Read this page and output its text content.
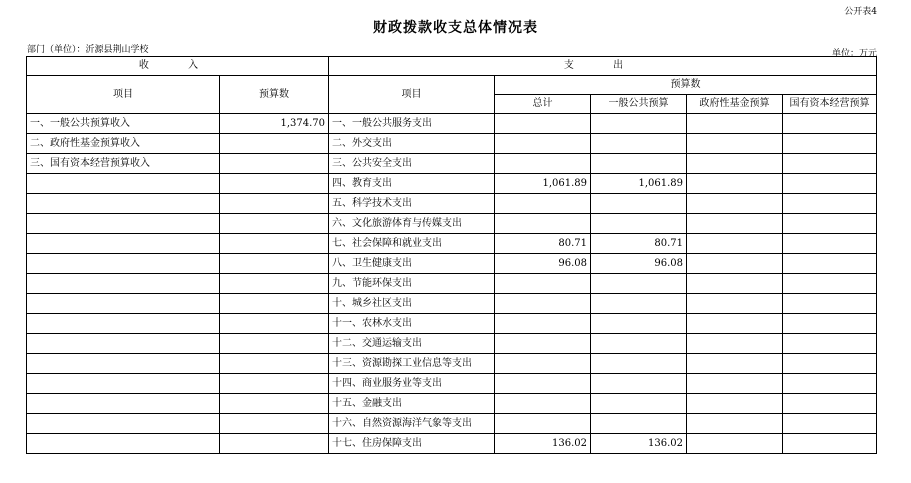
公开表4
财政拨款收支总体情况表
部门（单位）：沂源县荆山学校	单位：万元
收 入		支 出				
项目	预算数	项目	预算数			
			总计	一般公共预算	政府性基金预算	国有资本经营预算
一、一般公共预算收入	1,374.70	一、一般公共服务支出				
二、政府性基金预算收入		二、外交支出				
三、国有资本经营预算收入		三、公共安全支出				
		四、教育支出	1,061.89	1,061.89		
		五、科学技术支出				
		六、文化旅游体育与传媒支出				
		七、社会保障和就业支出	80.71	80.71		
		八、卫生健康支出	96.08	96.08		
		九、节能环保支出				
		十、城乡社区支出				
		十一、农林水支出				
		十二、交通运输支出				
		十三、资源勘探工业信息等支出				
		十四、商业服务业等支出				
		十五、金融支出				
		十六、自然资源海洋气象等支出				
		十七、住房保障支出	136.02	136.02		
